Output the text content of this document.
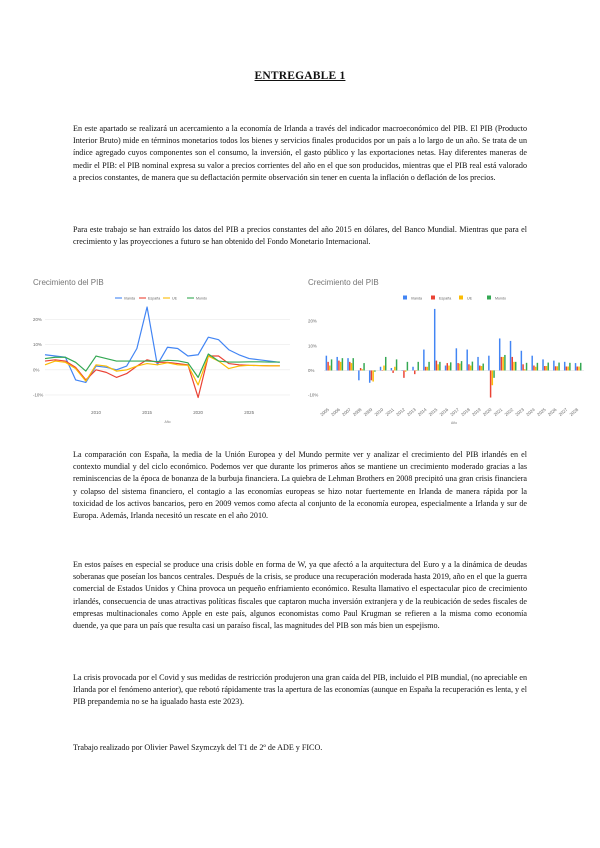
ENTREGABLE 1

En este apartado se realizará un acercamiento a la economía de Irlanda a través del indicador macroeconómico del PIB. El PIB (Producto Interior Bruto) mide en términos monetarios todos los bienes y servicios finales producidos por un país a lo largo de un año. Se trata de un índice agregado cuyos componentes son el consumo, la inversión, el gasto público y las exportaciones netas. Hay diferentes maneras de medir el PIB: el PIB nominal expresa su valor a precios corrientes del año en el que son producidos, mientras que el PIB real está valorado a precios constantes, de manera que su deflactación permite observación sin tener en cuenta la inflación o deflación de los precios.

Para este trabajo se han extraído los datos del PIB a precios constantes del año 2015 en dólares, del Banco Mundial. Mientras que para el crecimiento y las proyecciones a futuro se han obtenido del Fondo Monetario Internacional.

Crecimiento del PIB
Irlanda	España	UE	Mundo
-10%
0%
10%
20%
2010	2015	2020	2025
Año
Crecimiento del PIB
Irlanda	España	UE	Mundo
-10%
0%
10%
20%
2005 2006 2007 2008 2009 2010 2011 2012 2013 2014 2015 2016 2017 2018 2019 2020 2021 2022 2023 2024 2025 2026 2027 2028
Año

La comparación con España, la media de la Unión Europea y del Mundo permite ver y analizar el crecimiento del PIB irlandés en el contexto mundial y del ciclo económico. Podemos ver que durante los primeros años se mantiene un crecimiento moderado gracias a las reminiscencias de la época de bonanza de la burbuja financiera. La quiebra de Lehman Brothers en 2008 precipitó una gran crisis financiera y colapso del sistema financiero, el contagio a las economías europeas se hizo notar fuertemente en Irlanda de manera rápida por la toxicidad de los activos bancarios, pero en 2009 vemos como afecta al conjunto de la economía europea, especialmente a Irlanda y sur de Europa. Además, Irlanda necesitó un rescate en el año 2010.

En estos países en especial se produce una crisis doble en forma de W, ya que afectó a la arquitectura del Euro y a la dinámica de deudas soberanas que poseían los bancos centrales. Después de la crisis, se produce una recuperación moderada hasta 2019, año en el que la guerra comercial de Estados Unidos y China provoca un pequeño enfriamiento económico. Resulta llamativo el espectacular pico de crecimiento irlandés, consecuencia de unas atractivas políticas fiscales que captaron mucha inversión extranjera y de la reubicación de sedes fiscales de empresas multinacionales como Apple en este país, algunos economistas como Paul Krugman se refieren a la misma como economía duende, ya que para un país que resulta casi un paraíso fiscal, las magnitudes del PIB son más bien un espejismo.

La crisis provocada por el Covid y sus medidas de restricción produjeron una gran caída del PIB, incluido el PIB mundial, (no apreciable en Irlanda por el fenómeno anterior), que rebotó rápidamente tras la apertura de las economías (aunque en España la recuperación es lenta, y el PIB prepandemia no se ha igualado hasta este 2023).

Trabajo realizado por Olivier Pawel Szymczyk del T1 de 2º de ADE y FICO.
